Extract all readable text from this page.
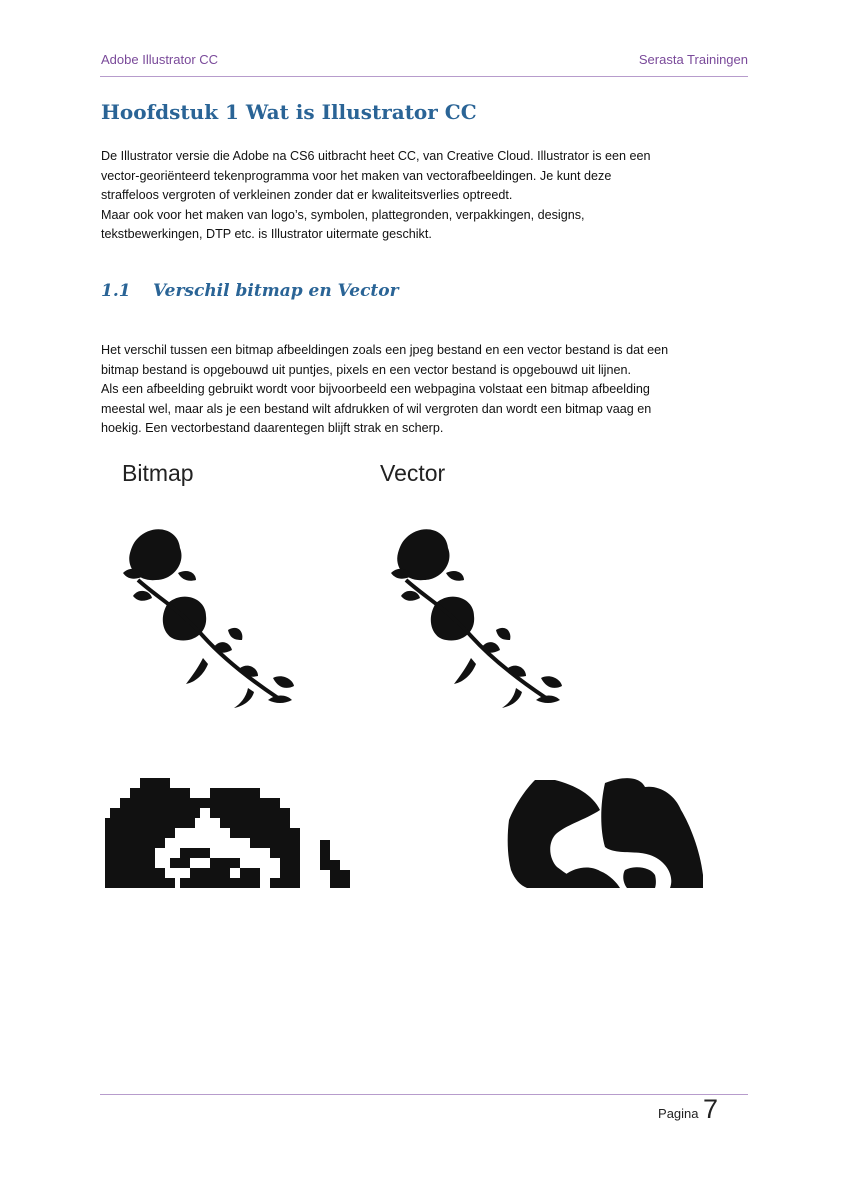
Adobe Illustrator CC	Serasta Trainingen
Hoofdstuk 1 Wat is Illustrator CC

De Illustrator versie die Adobe na CS6 uitbracht heet CC, van Creative Cloud. Illustrator is een een
vector-georiënteerd tekenprogramma voor het maken van vectorafbeeldingen. Je kunt deze
straffeloos vergroten of verkleinen zonder dat er kwaliteitsverlies optreedt.
Maar ook voor het maken van logo’s, symbolen, plattegronden, verpakkingen, designs,
tekstbewerkingen, DTP etc. is Illustrator uitermate geschikt.

1.1 Verschil bitmap en Vector

Het verschil tussen een bitmap afbeeldingen zoals een jpeg bestand en een vector bestand is dat een
bitmap bestand is opgebouwd uit puntjes, pixels en een vector bestand is opgebouwd uit lijnen.
Als een afbeelding gebruikt wordt voor bijvoorbeeld een webpagina volstaat een bitmap afbeelding
meestal wel, maar als je een bestand wilt afdrukken of wil vergroten dan wordt een bitmap vaag en
hoekig. Een vectorbestand daarentegen blijft strak en scherp.

Bitmap	Vector
Pagina 7
